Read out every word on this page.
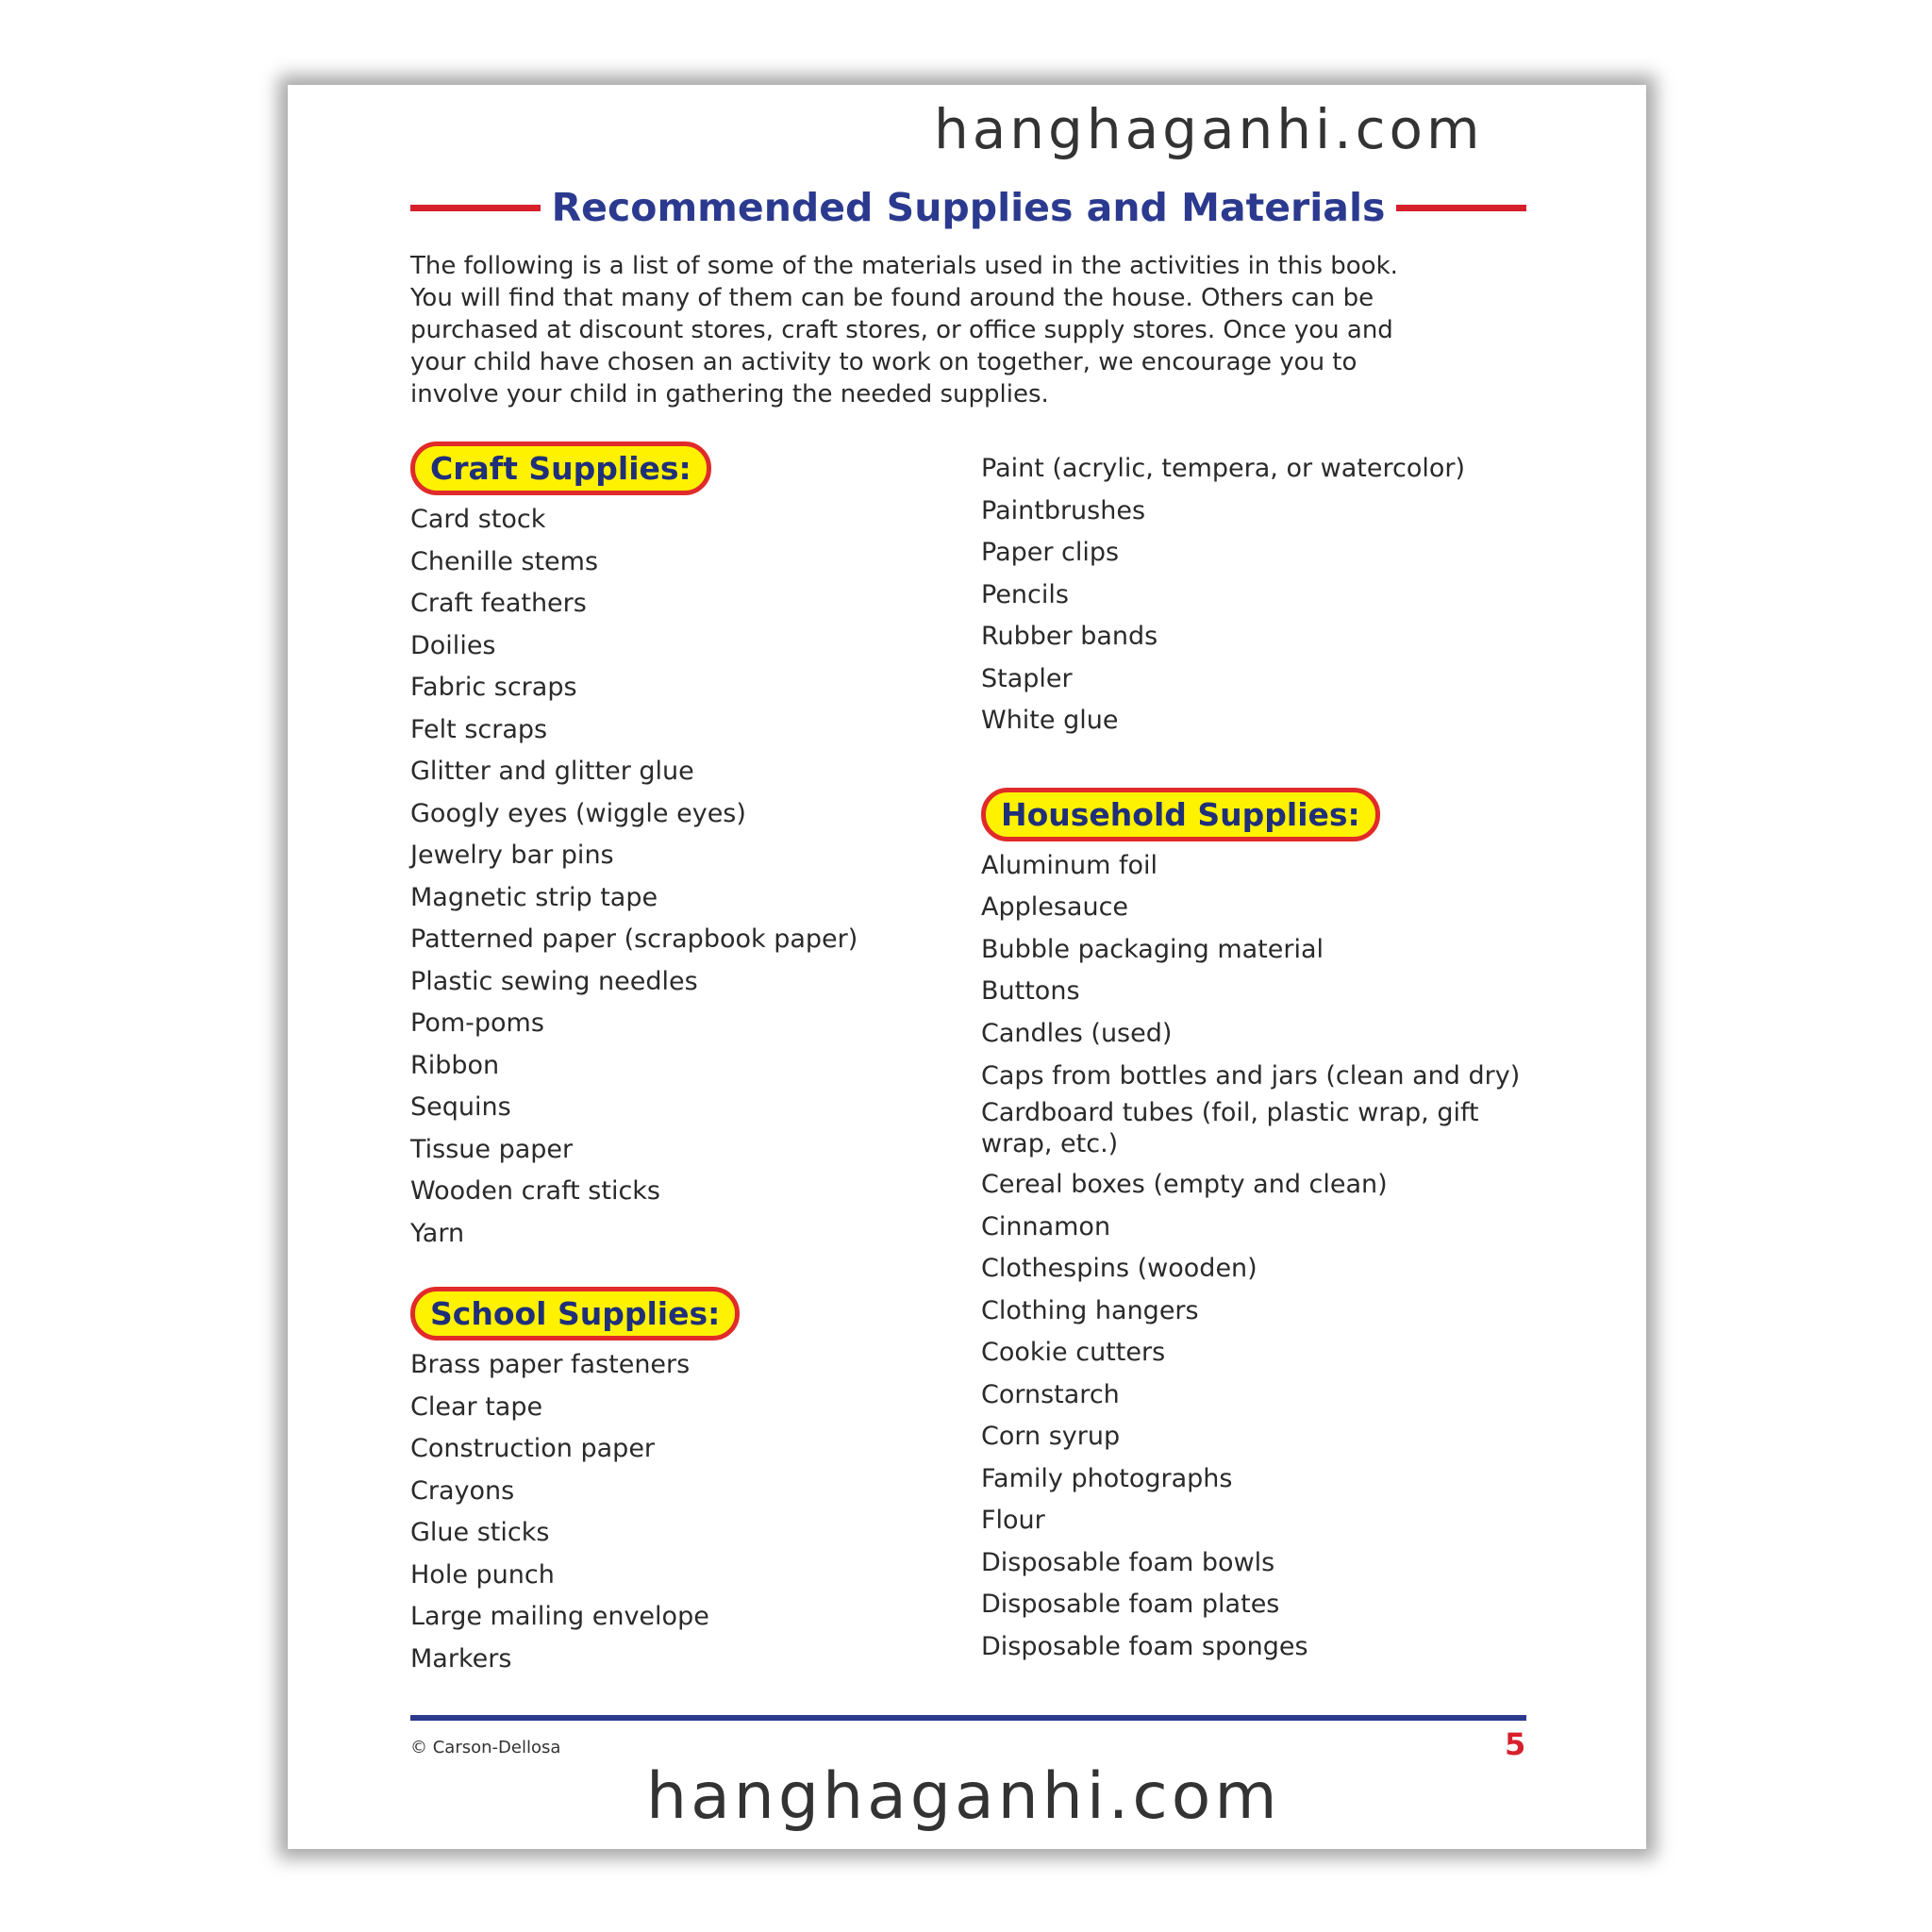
hanghaganhi.com
Recommended Supplies and Materials
The following is a list of some of the materials used in the activities in this book.
You will find that many of them can be found around the house. Others can be
purchased at discount stores, craft stores, or office supply stores. Once you and
your child have chosen an activity to work on together, we encourage you to
involve your child in gathering the needed supplies.
Craft Supplies:
Card stock
Chenille stems
Craft feathers
Doilies
Fabric scraps
Felt scraps
Glitter and glitter glue
Googly eyes (wiggle eyes)
Jewelry bar pins
Magnetic strip tape
Patterned paper (scrapbook paper)
Plastic sewing needles
Pom-poms
Ribbon
Sequins
Tissue paper
Wooden craft sticks
Yarn
School Supplies:
Brass paper fasteners
Clear tape
Construction paper
Crayons
Glue sticks
Hole punch
Large mailing envelope
Markers
Paint (acrylic, tempera, or watercolor)
Paintbrushes
Paper clips
Pencils
Rubber bands
Stapler
White glue
Household Supplies:
Aluminum foil
Applesauce
Bubble packaging material
Buttons
Candles (used)
Caps from bottles and jars (clean and dry)
Cardboard tubes (foil, plastic wrap, gift wrap, etc.)
Cereal boxes (empty and clean)
Cinnamon
Clothespins (wooden)
Clothing hangers
Cookie cutters
Cornstarch
Corn syrup
Family photographs
Flour
Disposable foam bowls
Disposable foam plates
Disposable foam sponges
© Carson-Dellosa	5
hanghaganhi.com
